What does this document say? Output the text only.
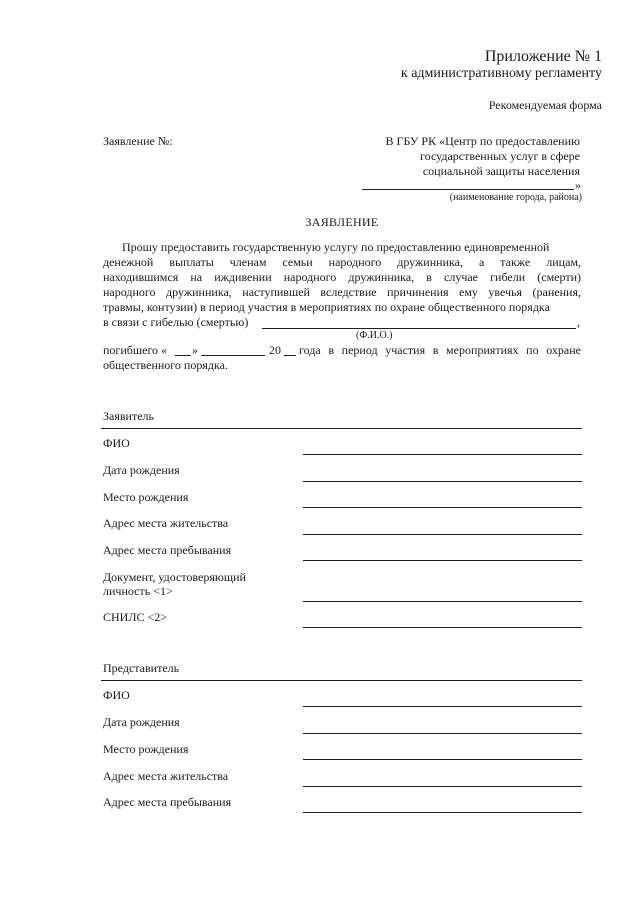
Приложение № 1
к административному регламенту
Рекомендуемая форма
Заявление №:	В ГБУ РК «Центр по предоставлению
государственных услуг в сфере
социальной защиты населения
»
(наименование города, района)
ЗАЯВЛЕНИЕ
Прошу предоставить государственную услугу по предоставлению единовременной
денежной выплаты членам семьи народного дружинника, а также лицам,
находившимся на иждивении народного дружинника, в случае гибели (смерти)
народного дружинника, наступившей вследствие причинения ему увечья (ранения,
травмы, контузии) в период участия в мероприятиях по охране общественного порядка
в связи с гибелью (смертью)	,
(Ф.И.О.)
погибшего « »	20 года в период участия в мероприятиях по охране
общественного порядка.
Заявитель
ФИО
Дата рождения
Место рождения
Адрес места жительства
Адрес места пребывания
Документ, удостоверяющий
личность <1>
СНИЛС <2>
Представитель
ФИО
Дата рождения
Место рождения
Адрес места жительства
Адрес места пребывания
